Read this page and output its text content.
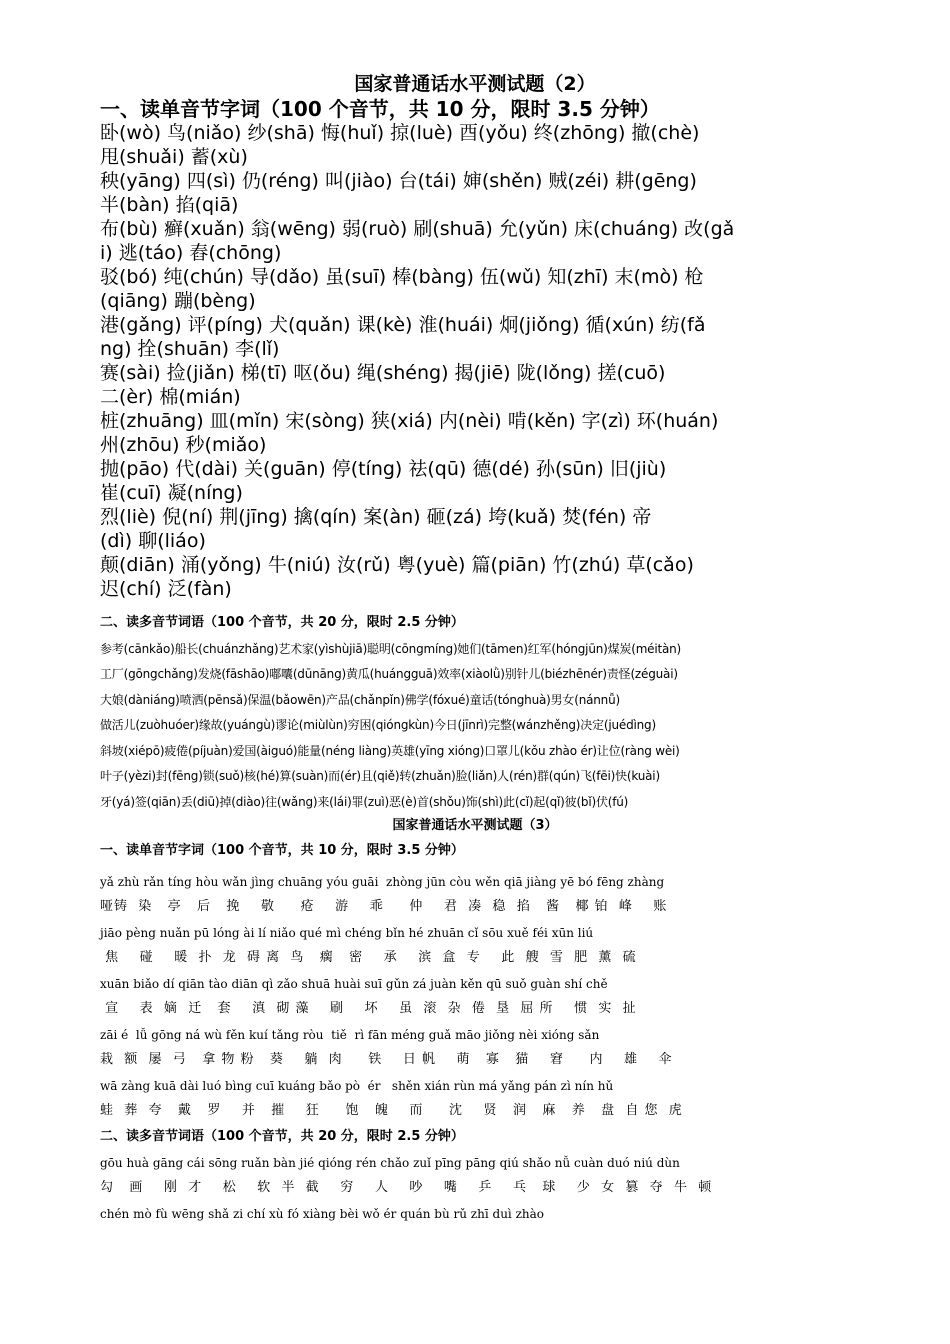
国家普通话水平测试题（2）
一、读单音节字词（100 个音节，共 10 分，限时 3.5 分钟）
卧(wò) 鸟(niǎo) 纱(shā) 悔(huǐ) 掠(luè) 酉(yǒu) 终(zhōng) 撤(chè)
甩(shuǎi) 蓄(xù)
秧(yāng) 四(sì) 仍(réng) 叫(jiào) 台(tái) 婶(shěn) 贼(zéi) 耕(gēng)
半(bàn) 掐(qiā)
布(bù) 癣(xuǎn) 翁(wēng) 弱(ruò) 刷(shuā) 允(yǔn) 床(chuáng) 改(gǎ
i) 逃(táo) 舂(chōng)
驳(bó) 纯(chún) 导(dǎo) 虽(suī) 棒(bàng) 伍(wǔ) 知(zhī) 末(mò) 枪
(qiāng) 蹦(bèng)
港(gǎng) 评(píng) 犬(quǎn) 课(kè) 淮(huái) 炯(jiǒng) 循(xún) 纺(fǎ
ng) 拴(shuān) 李(lǐ)
赛(sài) 捡(jiǎn) 梯(tī) 呕(ǒu) 绳(shéng) 揭(jiē) 陇(lǒng) 搓(cuō)
二(èr) 棉(mián)
桩(zhuāng) 皿(mǐn) 宋(sòng) 狭(xiá) 内(nèi) 啃(kěn) 字(zì) 环(huán)
州(zhōu) 秒(miǎo)
抛(pāo) 代(dài) 关(guān) 停(tíng) 祛(qū) 德(dé) 孙(sūn) 旧(jiù)
崔(cuī) 凝(níng)
烈(liè) 倪(ní) 荆(jīng) 擒(qín) 案(àn) 砸(zá) 垮(kuǎ) 焚(fén) 帝
(dì) 聊(liáo)
颠(diān) 涌(yǒng) 牛(niú) 汝(rǔ) 粤(yuè) 篇(piān) 竹(zhú) 草(cǎo)
迟(chí) 泛(fàn)
二、读多音节词语（100 个音节，共 20 分，限时 2.5 分钟）
参考(cānkǎo)船长(chuánzhǎng)艺术家(yìshùjiā)聪明(cōngmíng)她们(tāmen)红军(hóngjūn)煤炭(méitàn)
工厂(gōngchǎng)发烧(fāshāo)嘟囔(dūnāng)黄瓜(huángguā)效率(xiàolǜ)别针儿(biézhēnér)责怪(zéguài)
大娘(dàniáng)喷洒(pēnsǎ)保温(bǎowēn)产品(chǎnpǐn)佛学(fóxué)童话(tónghuà)男女(nánnǚ)
做活儿(zuòhuóer)缘故(yuángù)谬论(miùlùn)穷困(qióngkùn)今日(jīnrì)完整(wánzhěng)决定(juédìng)
斜坡(xiépō)疲倦(píjuàn)爱国(àiguó)能量(néng liàng)英雄(yīng xióng)口罩儿(kǒu zhào ér)让位(ràng wèi)
叶子(yèzi)封(fēng)锁(suǒ)核(hé)算(suàn)而(ér)且(qiě)转(zhuǎn)脸(liǎn)人(rén)群(qún)飞(fēi)快(kuài)
牙(yá)签(qiān)丢(diū)掉(diào)往(wǎng)来(lái)罪(zuì)恶(è)首(shǒu)饰(shì)此(cǐ)起(qǐ)彼(bǐ)伏(fú)
国家普通话水平测试题（3）
一、读单音节字词（100 个音节，共 10 分，限时 3.5 分钟）
yǎ zhù rǎn tíng hòu wǎn jìng chuāng yóu guāi  zhòng jūn còu wěn qiā jiàng yē bó fēng zhàng
哑铸  染   亭   后   挽    敬     疮    游    乖     仲    君  凑  稳  掐   酱   椰 铂  峰    账
jiāo pèng nuǎn pū lóng ài lí niǎo qué mì chéng bǐn hé zhuān cǐ sōu xuě féi xūn liú
焦    碰    暖  扑  龙  碍 离  鸟   瘸   密    承    滨  盒  专    此  艘  雪  肥  薰  硫
xuān biǎo dí qiān tào diān qì zǎo shuā huài suī gǔn zá juàn kěn qū suǒ guàn shí chě
宣    表  嫡  迁   套    滇  砌 藻    刷    坏    虽  滚  杂  倦  垦  屈 所    惯  实  扯
zāi é  lǚ gōng ná wù fěn kuí tǎng ròu  tiě  rì fān méng guǎ māo jiǒng nèi xióng sǎn
栽  额  屡  弓   拿 物 粉   葵    躺  肉     铁    日 帆    萌   寡   猫    窘     内    雄    伞
wā zàng kuā dài luó bìng cuī kuáng bǎo pò  ér   shěn xián rùn má yǎng pán zì nín hǔ
蛙  葬  夸   戴   罗    并   摧    狂     饱   魄    而     沈    贤   润   麻   养   盘  自 您  虎
二、读多音节词语（100 个音节，共 20 分，限时 2.5 分钟）
gōu huà gāng cái sōng ruǎn bàn jié qióng rén chǎo zuǐ pīng pāng qiú shǎo nǚ cuàn duó niú dùn
勾   画    刚  才    松    软  半  截    穷    人    吵    嘴    乒    乓   球    少  女  篡  夺  牛  顿
chén mò fù wēng shǎ zi chí xù fó xiàng bèi wǒ ér quán bù rǔ zhī duì zhào
